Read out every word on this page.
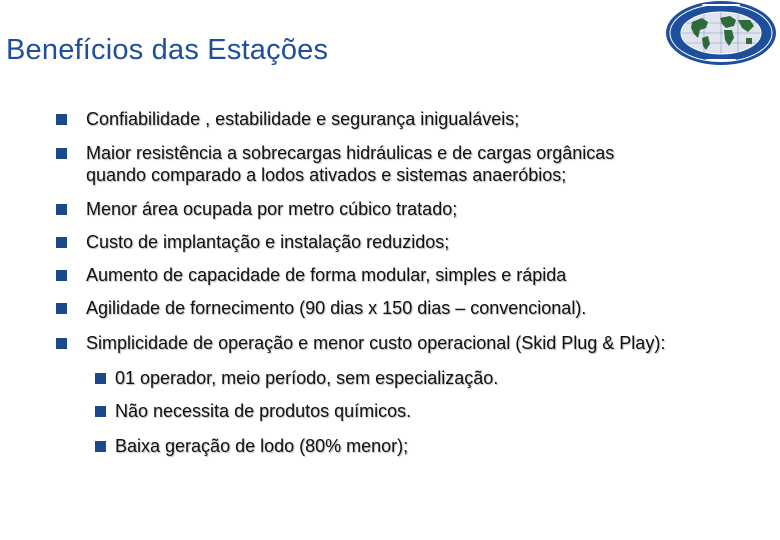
Benefícios das Estações
Confiabilidade , estabilidade e segurança inigualáveis;
Maior resistência a sobrecargas hidráulicas e de cargas orgânicas
quando comparado a lodos ativados e sistemas anaeróbios;
Menor área ocupada por metro cúbico tratado;
Custo de implantação e instalação reduzidos;
Aumento de capacidade de forma modular, simples e rápida
Agilidade de fornecimento (90 dias x 150 dias – convencional).
Simplicidade de operação e menor custo operacional (Skid Plug & Play):
01 operador, meio período, sem especialização.
Não necessita de produtos químicos.
Baixa geração de lodo (80% menor);
